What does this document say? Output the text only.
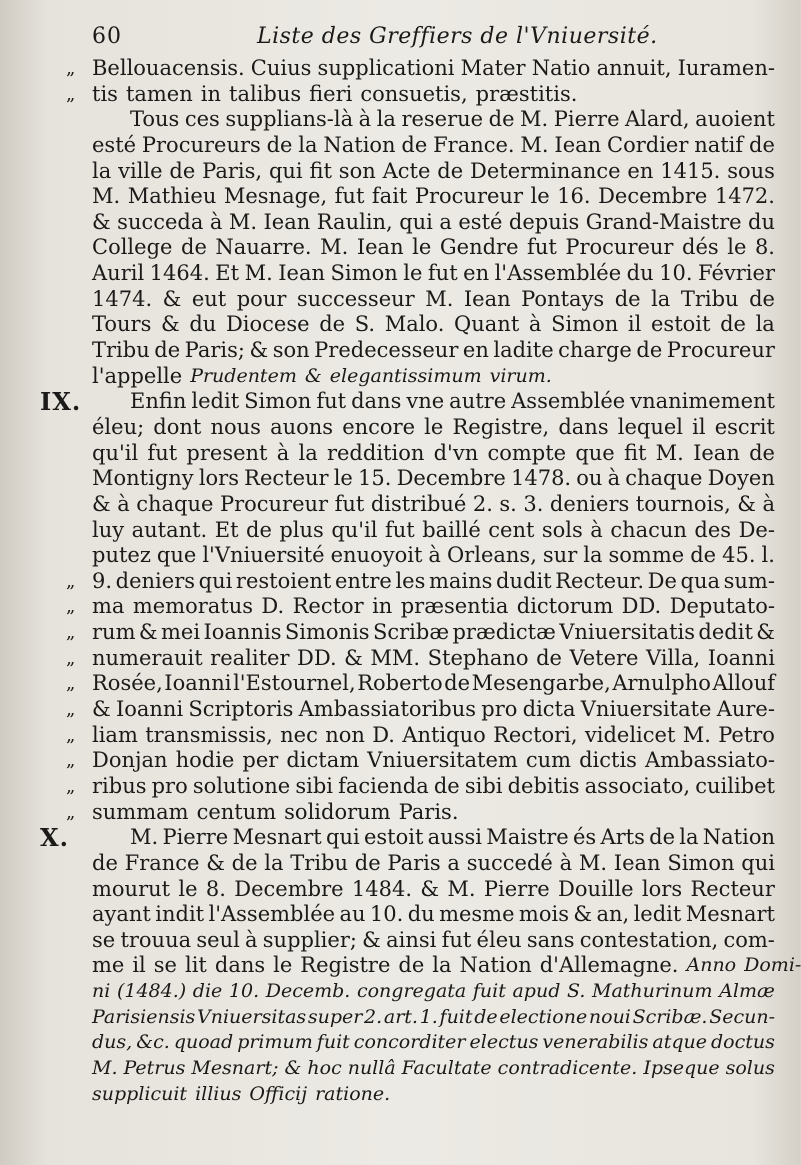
60	Liste des Greffiers de l'Vniuersité.
„ Bellouacensis. Cuius supplicationi Mater Natio annuit, Iuramen-
„ tis tamen in talibus fieri consuetis, præstitis.
Tous ces supplians-là à la reserue de M. Pierre Alard, auoient
esté Procureurs de la Nation de France. M. Iean Cordier natif de
la ville de Paris, qui fit son Acte de Determinance en 1415. sous
M. Mathieu Mesnage, fut fait Procureur le 16. Decembre 1472.
& succeda à M. Iean Raulin, qui a esté depuis Grand-Maistre du
College de Nauarre. M. Iean le Gendre fut Procureur dés le 8.
Auril 1464. Et M. Iean Simon le fut en l'Assemblée du 10. Février
1474. & eut pour successeur M. Iean Pontays de la Tribu de
Tours & du Diocese de S. Malo. Quant à Simon il estoit de la
Tribu de Paris; & son Predecesseur en ladite charge de Procureur
l'appelle Prudentem & elegantissimum virum.
IX. Enfin ledit Simon fut dans vne autre Assemblée vnanimement
éleu; dont nous auons encore le Registre, dans lequel il escrit
qu'il fut present à la reddition d'vn compte que fit M. Iean de
Montigny lors Recteur le 15. Decembre 1478. ou à chaque Doyen
& à chaque Procureur fut distribué 2. s. 3. deniers tournois, & à
luy autant. Et de plus qu'il fut baillé cent sols à chacun des De-
putez que l'Vniuersité enuoyoit à Orleans, sur la somme de 45. l.
„ 9. deniers qui restoient entre les mains dudit Recteur. De qua sum-
„ ma memoratus D. Rector in præsentia dictorum DD. Deputato-
„ rum & mei Ioannis Simonis Scribæ prædictæ Vniuersitatis dedit &
„ numerauit realiter DD. & MM. Stephano de Vetere Villa, Ioanni
„ Rosée, Ioanni l'Estournel, Roberto de Mesengarbe, Arnulpho Allouf
„ & Ioanni Scriptoris Ambassiatoribus pro dicta Vniuersitate Aure-
„ liam transmissis, nec non D. Antiquo Rectori, videlicet M. Petro
„ Donjan hodie per dictam Vniuersitatem cum dictis Ambassiato-
„ ribus pro solutione sibi facienda de sibi debitis associato, cuilibet
„ summam centum solidorum Paris.
X.	M. Pierre Mesnart qui estoit aussi Maistre és Arts de la Nation
de France & de la Tribu de Paris a succedé à M. Iean Simon qui
mourut le 8. Decembre 1484. & M. Pierre Douille lors Recteur
ayant indit l'Assemblée au 10. du mesme mois & an, ledit Mesnart
se trouua seul à supplier; & ainsi fut éleu sans contestation, com-
me il se lit dans le Registre de la Nation d'Allemagne. Anno Domi-
ni (1484.) die 10. Decemb. congregata fuit apud S. Mathurinum Almæ
Parisiensis Vniuersitas super 2. art. 1. fuit de electione noui Scribæ. Secun-
dus, &c. quoad primum fuit concorditer electus venerabilis atque doctus
M. Petrus Mesnart; & hoc nullâ Facultate contradicente. Ipseque solus
supplicuit illius Officij ratione.
